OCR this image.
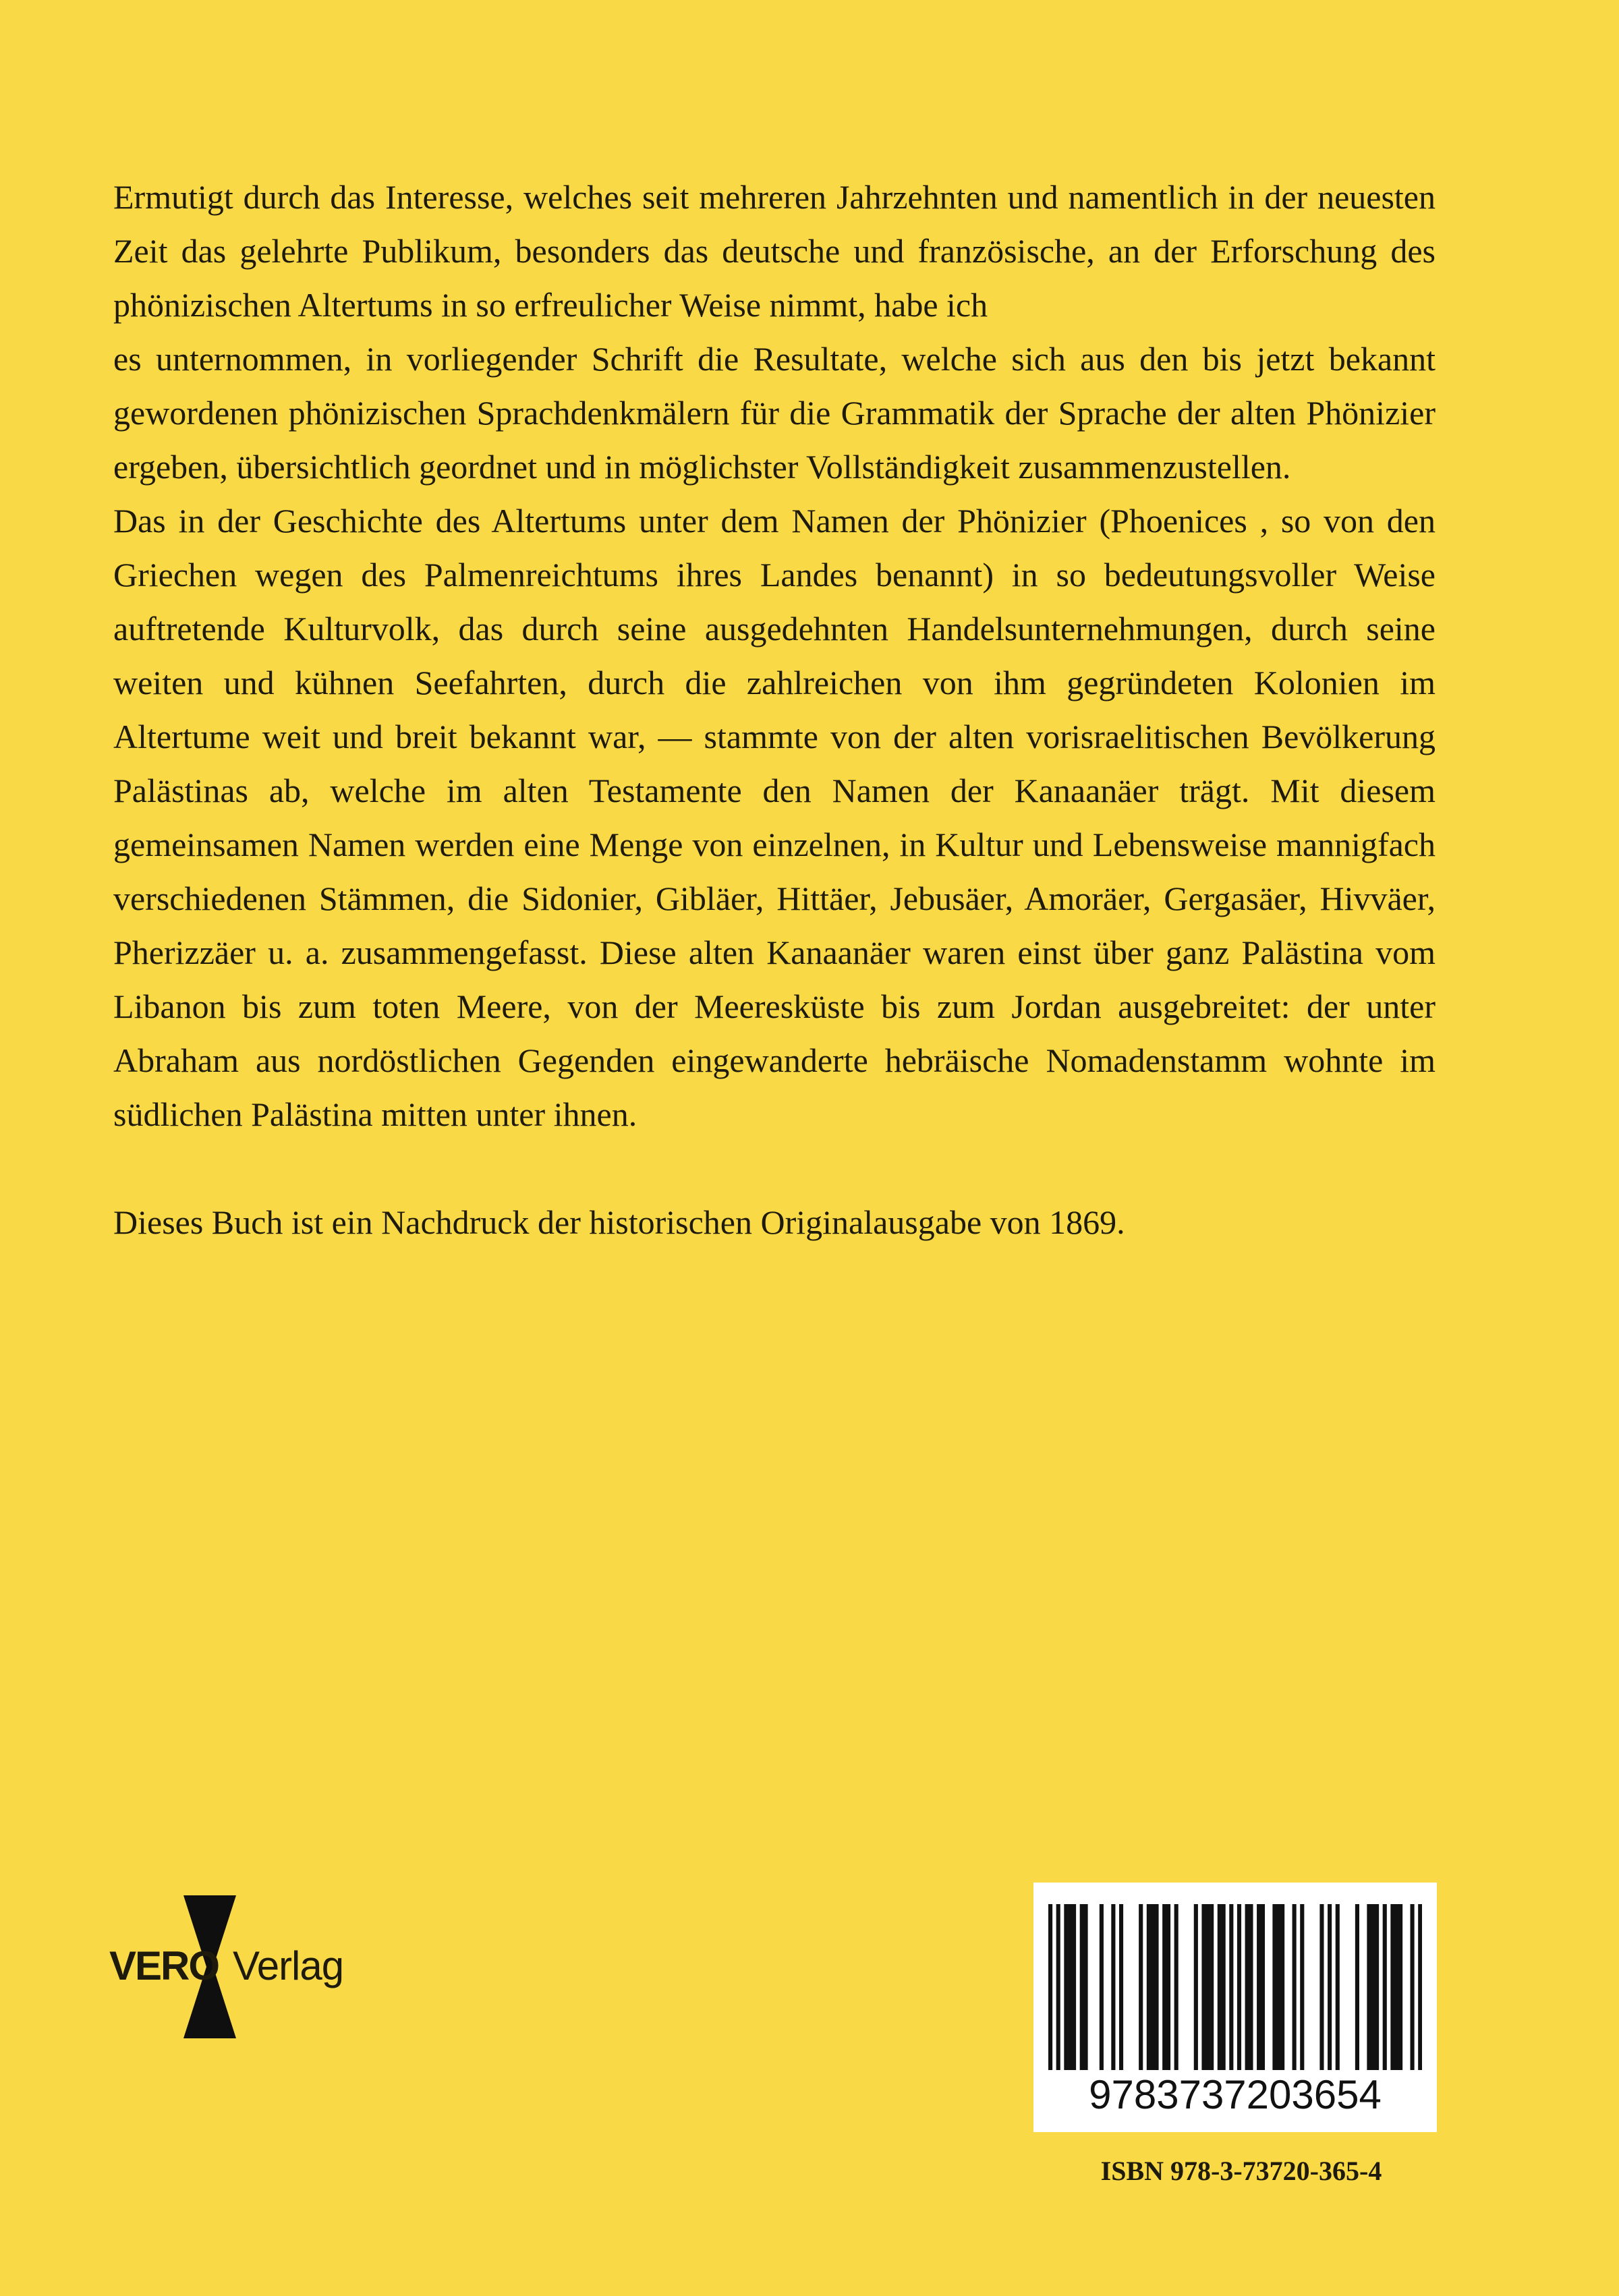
Ermutigt durch das Interesse, welches seit mehreren Jahrzehnten und namentlich in der neuesten Zeit das gelehrte Publikum, besonders das deutsche und französische, an der Erforschung des phönizischen Altertums in so erfreulicher Weise nimmt, habe ich

es unternommen, in vorliegender Schrift die Resultate, welche sich aus den bis jetzt bekannt gewordenen phönizischen Sprachdenkmälern für die Grammatik der Sprache der alten Phönizier ergeben, übersichtlich geordnet und in möglichster Vollständigkeit zusammenzustellen.

Das in der Geschichte des Altertums unter dem Namen der Phönizier (Phoenices , so von den Griechen wegen des Palmenreichtums ihres Landes benannt) in so bedeutungsvoller Weise auftretende Kulturvolk, das durch seine ausgedehnten Handelsunternehmungen, durch seine weiten und kühnen Seefahrten, durch die zahlreichen von ihm gegründeten Kolonien im Altertume weit und breit bekannt war, — stammte von der alten vorisraelitischen Bevölkerung Palästinas ab, welche im alten Testamente den Namen der Kanaanäer trägt. Mit diesem gemeinsamen Namen werden eine Menge von einzelnen, in Kultur und Lebensweise mannigfach verschiedenen Stämmen, die Sidonier, Gibläer, Hittäer, Jebusäer, Amoräer, Gergasäer, Hivväer, Pherizzäer u. a. zusammengefasst. Diese alten Kanaanäer waren einst über ganz Palästina vom Libanon bis zum toten Meere, von der Meeresküste bis zum Jordan ausgebreitet: der unter Abraham aus nordöstlichen Gegenden eingewanderte hebräische Nomadenstamm wohnte im südlichen Palästina mitten unter ihnen.

Dieses Buch ist ein Nachdruck der historischen Originalausgabe von 1869.

VERO Verlag
9783737203654
ISBN 978-3-73720-365-4
